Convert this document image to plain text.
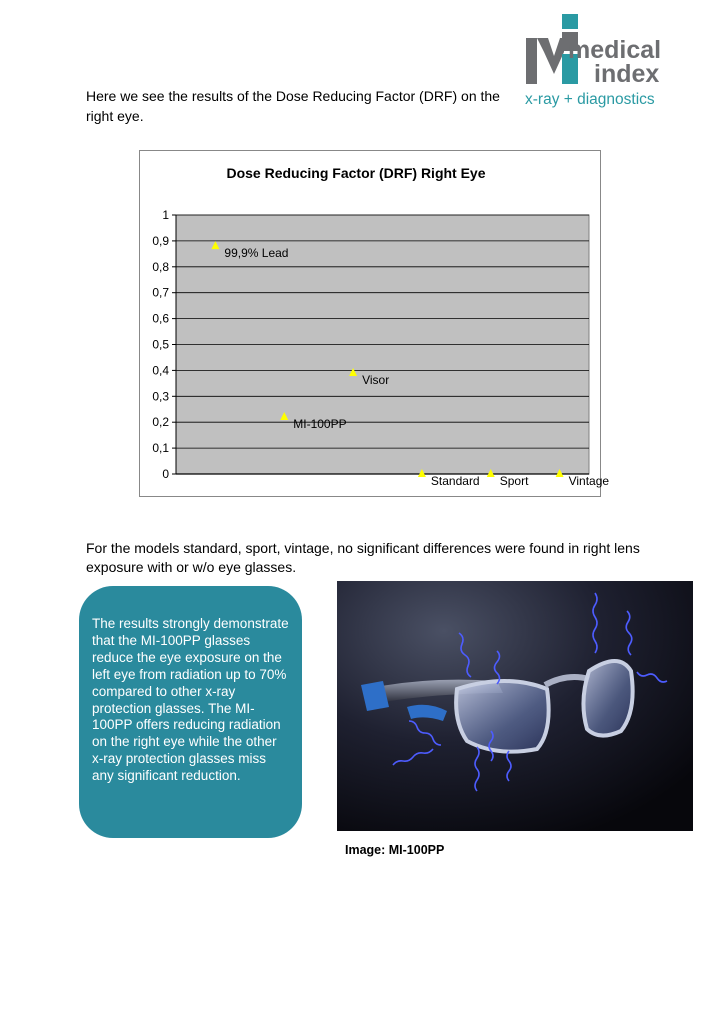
medical
index
x-ray + diagnostics
Here we see the results of the Dose Reducing Factor (DRF) on the right eye.
Dose Reducing Factor (DRF) Right Eye
0
0,1
0,2
0,3
0,4
0,5
0,6
0,7
0,8
0,9
1
99,9% Lead
MI-100PP
Visor
Standard Sport	Vintage
For the models standard, sport, vintage, no significant differences were found in right lens exposure with or w/o eye glasses.
The results strongly demonstrate that the MI-100PP glasses reduce the eye exposure on the left eye from radiation up to 70% compared to other x-ray protection glasses. The MI-100PP offers reducing radiation on the right eye while the other x-ray protection glasses miss any significant reduction.
Image: MI-100PP
